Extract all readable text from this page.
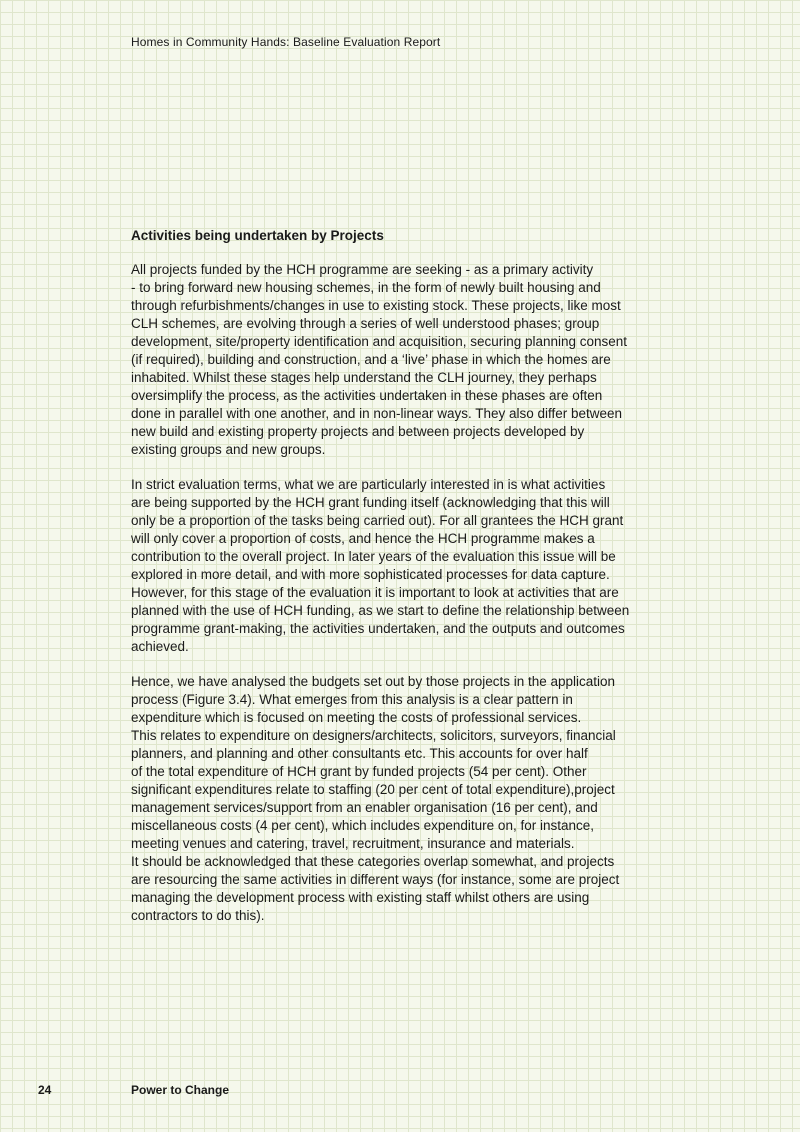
Homes in Community Hands: Baseline Evaluation Report
Activities being undertaken by Projects

All projects funded by the HCH programme are seeking - as a primary activity
- to bring forward new housing schemes, in the form of newly built housing and
through refurbishments/changes in use to existing stock. These projects, like most
CLH schemes, are evolving through a series of well understood phases; group
development, site/property identification and acquisition, securing planning consent
(if required), building and construction, and a ‘live’ phase in which the homes are
inhabited. Whilst these stages help understand the CLH journey, they perhaps
oversimplify the process, as the activities undertaken in these phases are often
done in parallel with one another, and in non-linear ways. They also differ between
new build and existing property projects and between projects developed by
existing groups and new groups.

In strict evaluation terms, what we are particularly interested in is what activities
are being supported by the HCH grant funding itself (acknowledging that this will
only be a proportion of the tasks being carried out). For all grantees the HCH grant
will only cover a proportion of costs, and hence the HCH programme makes a
contribution to the overall project. In later years of the evaluation this issue will be
explored in more detail, and with more sophisticated processes for data capture.
However, for this stage of the evaluation it is important to look at activities that are
planned with the use of HCH funding, as we start to define the relationship between
programme grant-making, the activities undertaken, and the outputs and outcomes
achieved.

Hence, we have analysed the budgets set out by those projects in the application
process (Figure 3.4). What emerges from this analysis is a clear pattern in
expenditure which is focused on meeting the costs of professional services.
This relates to expenditure on designers/architects, solicitors, surveyors, financial
planners, and planning and other consultants etc. This accounts for over half
of the total expenditure of HCH grant by funded projects (54 per cent). Other
significant expenditures relate to staffing (20 per cent of total expenditure),project
management services/support from an enabler organisation (16 per cent), and
miscellaneous costs (4 per cent), which includes expenditure on, for instance,
meeting venues and catering, travel, recruitment, insurance and materials.
It should be acknowledged that these categories overlap somewhat, and projects
are resourcing the same activities in different ways (for instance, some are project
managing the development process with existing staff whilst others are using
contractors to do this).

24	Power to Change
